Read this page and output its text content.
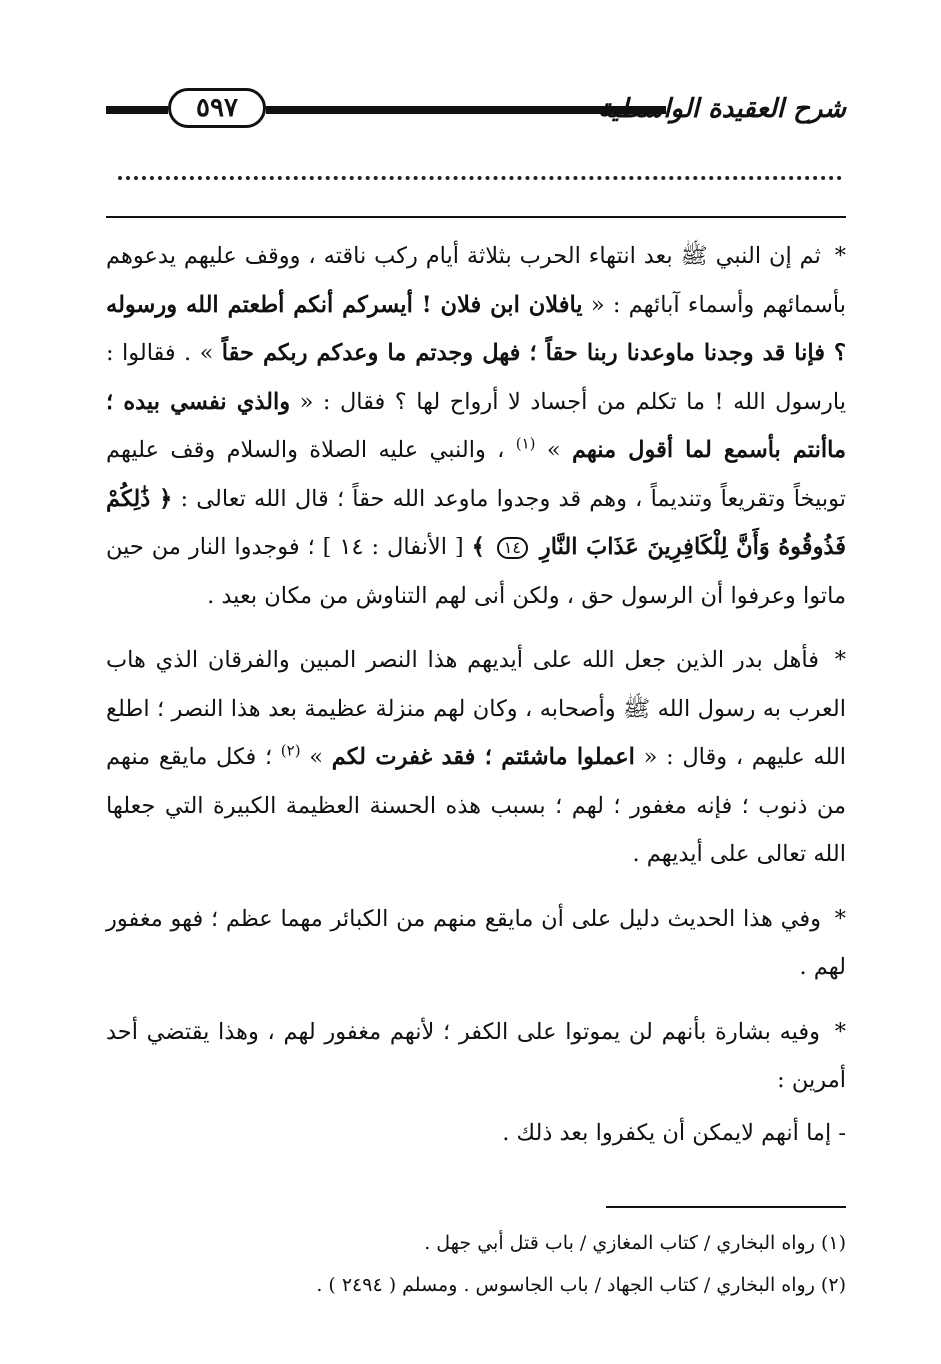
٥٩٧	شرح العقيدة الواسطية

* ثم إن النبي ﷺ بعد انتهاء الحرب بثلاثة أيام ركب ناقته ، ووقف عليهم يدعوهم بأسمائهم وأسماء آبائهم : « يافلان ابن فلان ! أيسركم أنكم أطعتم الله ورسوله ؟ فإنا قد وجدنا ماوعدنا ربنا حقاً ؛ فهل وجدتم ما وعدكم ربكم حقاً » . فقالوا : يارسول الله ! ما تكلم من أجساد لا أرواح لها ؟ فقال : « والذي نفسي بيده ؛ ماأنتم بأسمع لما أقول منهم » $^{(١)}$ ، والنبي عليه الصلاة والسلام وقف عليهم توبيخاً وتقريعاً وتنديماً ، وهم قد وجدوا ماوعد الله حقاً ؛ قال الله تعالى : ﴿ ذَٰلِكُمْ فَذُوقُوهُ وَأَنَّ لِلْكَافِرِينَ عَذَابَ النَّارِ ١٤ ﴾ [ الأنفال : ١٤ ] ؛ فوجدوا النار من حين ماتوا وعرفوا أن الرسول حق ، ولكن أنى لهم التناوش من مكان بعيد .

* فأهل بدر الذين جعل الله على أيديهم هذا النصر المبين والفرقان الذي هاب العرب به رسول الله ﷺ وأصحابه ، وكان لهم منزلة عظيمة بعد هذا النصر ؛ اطلع الله عليهم ، وقال : « اعملوا ماشئتم ؛ فقد غفرت لكم » $^{(٢)}$ ؛ فكل مايقع منهم من ذنوب ؛ فإنه مغفور ؛ لهم ؛ بسبب هذه الحسنة العظيمة الكبيرة التي جعلها الله تعالى على أيديهم .

* وفي هذا الحديث دليل على أن مايقع منهم من الكبائر مهما عظم ؛ فهو مغفور لهم .

* وفيه بشارة بأنهم لن يموتوا على الكفر ؛ لأنهم مغفور لهم ، وهذا يقتضي أحد أمرين :

- إما أنهم لايمكن أن يكفروا بعد ذلك .

(١) رواه البخاري / كتاب المغازي / باب قتل أبي جهل .
(٢) رواه البخاري / كتاب الجهاد / باب الجاسوس . ومسلم ( ٢٤٩٤ ) .
